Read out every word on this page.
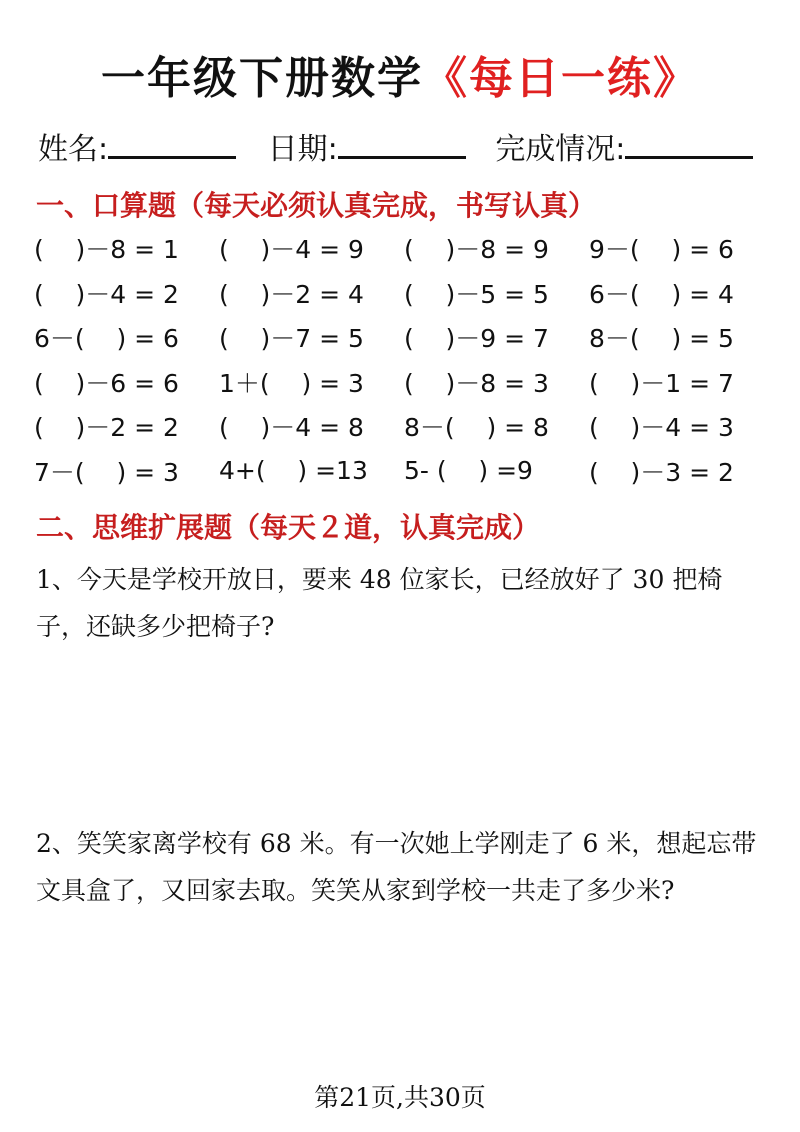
一年级下册数学《每日一练》
姓名:	日期:	完成情况:
一、口算题（每天必须认真完成，书写认真）
(    )－8 = 1	(    )－4 = 9	(    )－8 = 9	9－(    ) = 6
(    )－4 = 2	(    )－2 = 4	(    )－5 = 5	6－(    ) = 4
6－(    ) = 6	(    )－7 = 5	(    )－9 = 7	8－(    ) = 5
(    )－6 = 6	1＋(    ) = 3	(    )－8 = 3	(    )－1 = 7
(    )－2 = 2	(    )－4 = 8	8－(    ) = 8	(    )－4 = 3
7－(    ) = 3	4+(    ) =13	5- (    ) =9	(    )－3 = 2
二、思维扩展题（每天２道，认真完成）
1、今天是学校开放日，要来 48 位家长，已经放好了 30 把椅子，还缺多少把椅子?
2、笑笑家离学校有 68 米。有一次她上学刚走了 6 米，想起忘带文具盒了，又回家去取。笑笑从家到学校一共走了多少米?
第21页,共30页
